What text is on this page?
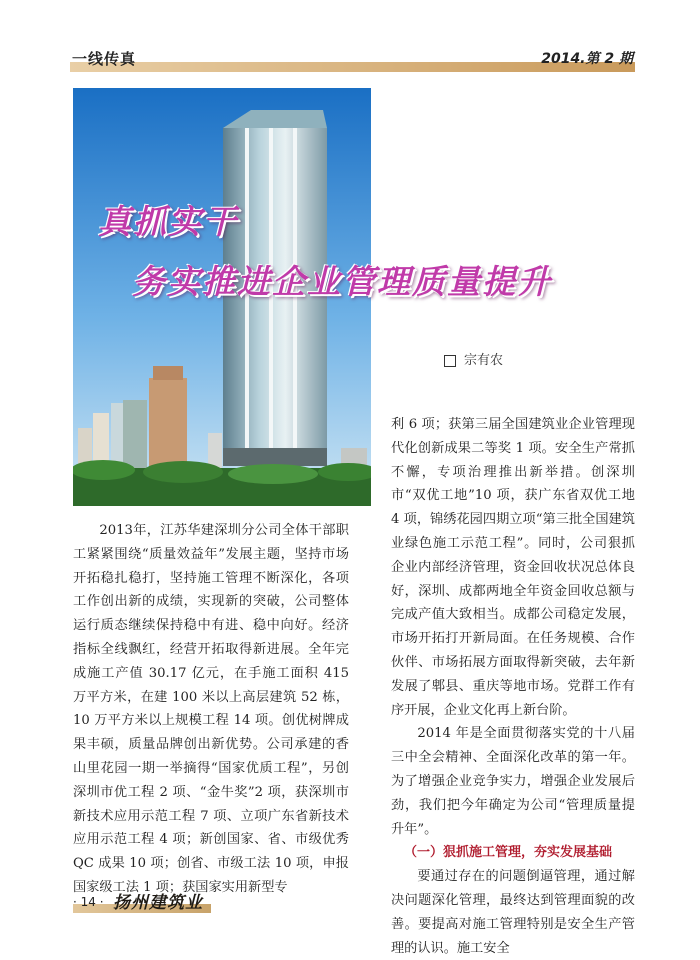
一线传真	2014.第 2 期
真抓实干
务实推进企业管理质量提升
宗有农

2013年，江苏华建深圳分公司全体干部职工紧紧围绕“质量效益年”发展主题，坚持市场开拓稳扎稳打，坚持施工管理不断深化，各项工作创出新的成绩，实现新的突破，公司整体运行质态继续保持稳中有进、稳中向好。经济指标全线飘红，经营开拓取得新进展。全年完成施工产值 30.17 亿元，在手施工面积 415 万平方米，在建 100 米以上高层建筑 52 栋，10 万平方米以上规模工程 14 项。创优树牌成果丰硕，质量品牌创出新优势。公司承建的香山里花园一期一举摘得“国家优质工程”，另创深圳市优工程 2 项、“金牛奖”2 项，获深圳市新技术应用示范工程 7 项、立项广东省新技术应用示范工程 4 项；新创国家、省、市级优秀 QC 成果 10 项；创省、市级工法 10 项，申报国家级工法 1 项；获国家实用新型专

利 6 项；获第三届全国建筑业企业管理现代化创新成果二等奖 1 项。安全生产常抓不懈，专项治理推出新举措。创深圳市“双优工地”10 项，获广东省双优工地 4 项，锦绣花园四期立项“第三批全国建筑业绿色施工示范工程”。同时，公司狠抓企业内部经济管理，资金回收状况总体良好，深圳、成都两地全年资金回收总额与完成产值大致相当。成都公司稳定发展，市场开拓打开新局面。在任务规模、合作伙伴、市场拓展方面取得新突破，去年新发展了郫县、重庆等地市场。党群工作有序开展，企业文化再上新台阶。

2014 年是全面贯彻落实党的十八届三中全会精神、全面深化改革的第一年。为了增强企业竞争实力，增强企业发展后劲，我们把今年确定为公司“管理质量提升年”。

（一）狠抓施工管理，夯实发展基础

要通过存在的问题倒逼管理，通过解决问题深化管理，最终达到管理面貌的改善。要提高对施工管理特别是安全生产管理的认识。施工安全

· 14 · 扬州建筑业
